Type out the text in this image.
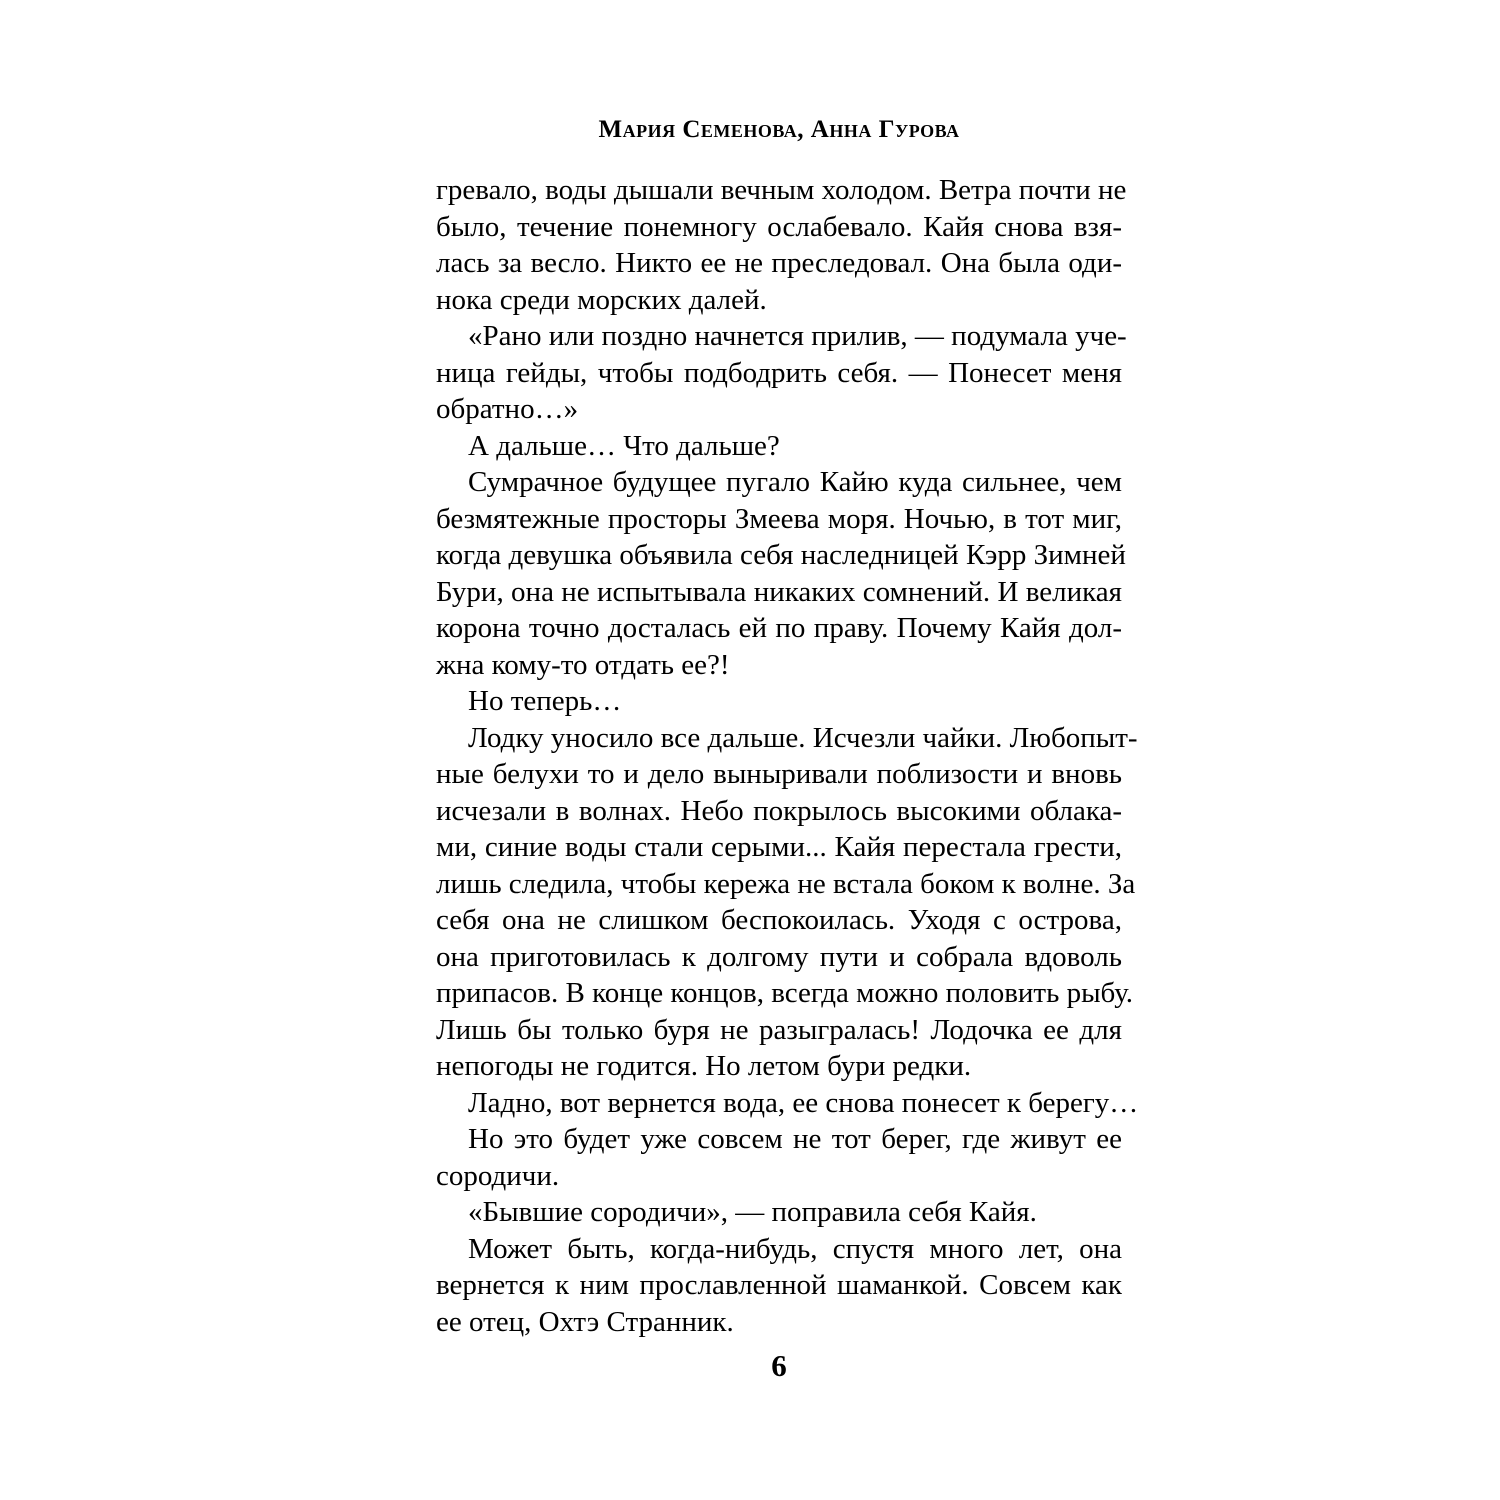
Мария Семенова, Анна Гурова
гревало, воды дышали вечным холодом. Ветра почти не
было, течение понемногу ослабевало. Кайя снова взя-
лась за весло. Никто ее не преследовал. Она была оди-
нока среди морских далей.
«Рано или поздно начнется прилив, — подумала уче-
ница гейды, чтобы подбодрить себя. — Понесет меня
обратно…»
А дальше… Что дальше?
Сумрачное будущее пугало Кайю куда сильнее, чем
безмятежные просторы Змеева моря. Ночью, в тот миг,
когда девушка объявила себя наследницей Кэрр Зимней
Бури, она не испытывала никаких сомнений. И великая
корона точно досталась ей по праву. Почему Кайя дол-
жна кому-то отдать ее?!
Но теперь…
Лодку уносило все дальше. Исчезли чайки. Любопыт-
ные белухи то и дело выныривали поблизости и вновь
исчезали в волнах. Небо покрылось высокими облака-
ми, синие воды стали серыми... Кайя перестала грести,
лишь следила, чтобы кережа не встала боком к волне. За
себя она не слишком беспокоилась. Уходя с острова,
она приготовилась к долгому пути и собрала вдоволь
припасов. В конце концов, всегда можно половить рыбу.
Лишь бы только буря не разыгралась! Лодочка ее для
непогоды не годится. Но летом бури редки.
Ладно, вот вернется вода, ее снова понесет к берегу…
Но это будет уже совсем не тот берег, где живут ее
сородичи.
«Бывшие сородичи», — поправила себя Кайя.
Может быть, когда-нибудь, спустя много лет, она
вернется к ним прославленной шаманкой. Совсем как
ее отец, Охтэ Странник.
6
